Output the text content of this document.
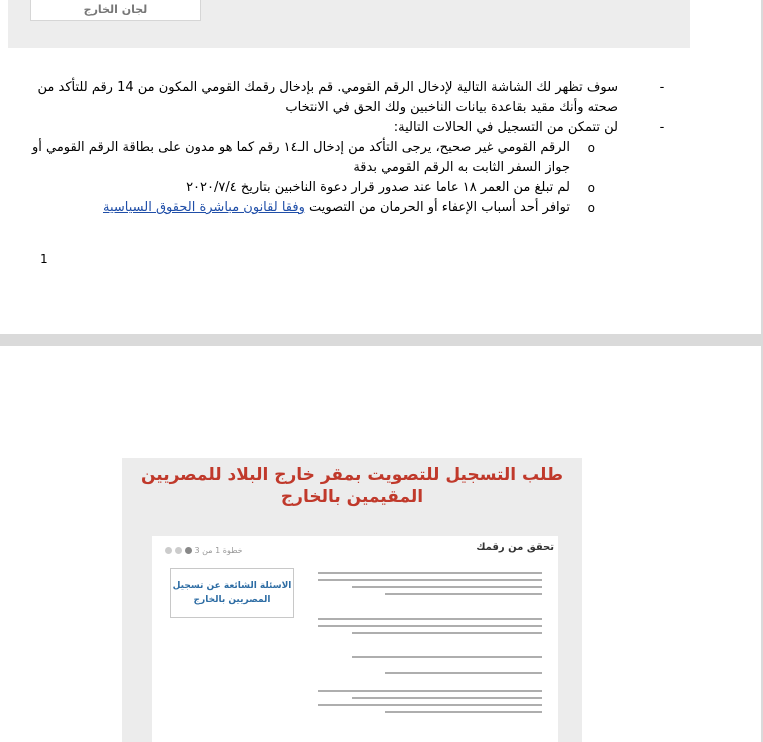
لجان الخارج

-
سوف تظهر لك الشاشة التالية لإدخال الرقم القومي. قم بإدخال رقمك القومي المكون من 14 رقم للتأكد من صحته وأنك مقيد بقاعدة بيانات الناخبين ولك الحق في الانتخاب

-
لن تتمكن من التسجيل في الحالات التالية:

o
الرقم القومي غير صحيح، يرجى التأكد من إدخال الـ١٤ رقم كما هو مدون على بطاقة الرقم القومي أو جواز السفر الثابت به الرقم القومي بدقة

o
لم تبلغ من العمر ١٨ عاما عند صدور قرار دعوة الناخبين بتاريخ ٢٠٢٠/٧/٤

o
توافر أحد أسباب الإعفاء أو الحرمان من التصويت وفقا لقانون مباشرة الحقوق السياسية

1
طلب التسجيل للتصويت بمقر خارج البلاد للمصريين
المقيمين بالخارج
تحقق من رقمك
خطوة 1 من 3
الاسئلة الشائعة عن تسجيل المصريين بالخارج
